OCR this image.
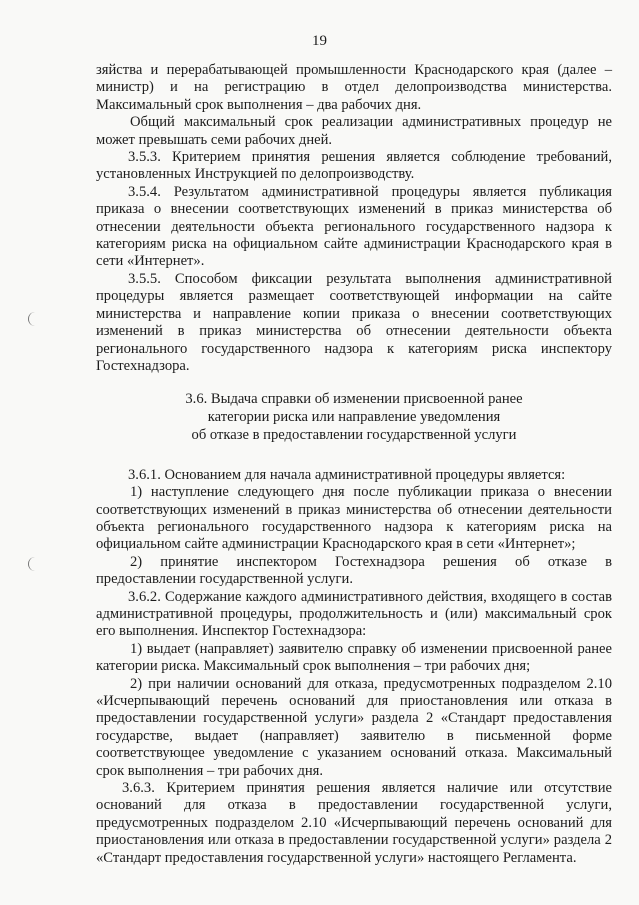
19

зяйства и перерабатывающей промышленности Краснодарского края (далее – министр) и на регистрацию в отдел делопроизводства министерства. Максимальный срок выполнения – два рабочих дня.

Общий максимальный срок реализации административных процедур не может превышать семи рабочих дней.

3.5.3. Критерием принятия решения является соблюдение требований, установленных Инструкцией по делопроизводству.

3.5.4. Результатом административной процедуры является публикация приказа о внесении соответствующих изменений в приказ министерства об отнесении деятельности объекта регионального государственного надзора к категориям риска на официальном сайте администрации Краснодарского края в сети «Интернет».

3.5.5. Способом фиксации результата выполнения административной процедуры является размещает соответствующей информации на сайте министерства и направление копии приказа о внесении соответствующих изменений в приказ министерства об отнесении деятельности объекта регионального государственного надзора к категориям риска инспектору Гостехнадзора.

3.6. Выдача справки об изменении присвоенной ранее
категории риска или направление уведомления
об отказе в предоставлении государственной услуги

3.6.1. Основанием для начала административной процедуры является:

1) наступление следующего дня после публикации приказа о внесении соответствующих изменений в приказ министерства об отнесении деятельности объекта регионального государственного надзора к категориям риска на официальном сайте администрации Краснодарского края в сети «Интернет»;

2) принятие инспектором Гостехнадзора решения об отказе в предоставлении государственной услуги.

3.6.2. Содержание каждого административного действия, входящего в состав административной процедуры, продолжительность и (или) максимальный срок его выполнения. Инспектор Гостехнадзора:

1) выдает (направляет) заявителю справку об изменении присвоенной ранее категории риска. Максимальный срок выполнения – три рабочих дня;

2) при наличии оснований для отказа, предусмотренных подразделом 2.10 «Исчерпывающий перечень оснований для приостановления или отказа в предоставлении государственной услуги» раздела 2 «Стандарт предоставления государстве, выдает (направляет) заявителю в письменной форме соответствующее уведомление с указанием оснований отказа. Максимальный срок выполнения – три рабочих дня.

3.6.3. Критерием принятия решения является наличие или отсутствие оснований для отказа в предоставлении государственной услуги, предусмотренных подразделом 2.10 «Исчерпывающий перечень оснований для приостановления или отказа в предоставлении государственной услуги» раздела 2 «Стандарт предоставления государственной услуги» настоящего Регламента.
